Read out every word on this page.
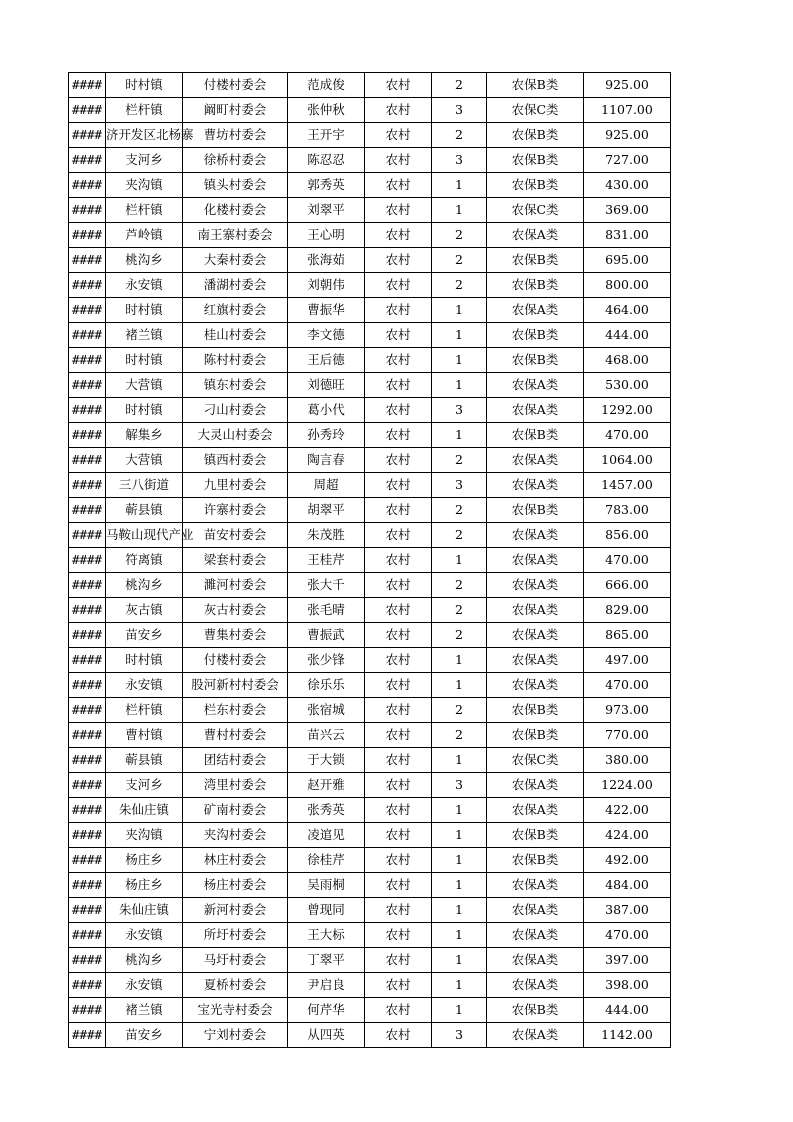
####	时村镇	付楼村委会	范成俊	农村	2	农保B类	925.00
####	栏杆镇	阚町村委会	张仲秋	农村	3	农保C类	1107.00
####	济开发区北杨寨	曹坊村委会	王开宇	农村	2	农保B类	925.00
####	支河乡	徐桥村委会	陈忍忍	农村	3	农保B类	727.00
####	夹沟镇	镇头村委会	郭秀英	农村	1	农保B类	430.00
####	栏杆镇	化楼村委会	刘翠平	农村	1	农保C类	369.00
####	芦岭镇	南王寨村委会	王心明	农村	2	农保A类	831.00
####	桃沟乡	大秦村委会	张海茹	农村	2	农保B类	695.00
####	永安镇	潘湖村委会	刘朝伟	农村	2	农保B类	800.00
####	时村镇	红旗村委会	曹振华	农村	1	农保A类	464.00
####	褚兰镇	桂山村委会	李文德	农村	1	农保B类	444.00
####	时村镇	陈村村委会	王后德	农村	1	农保B类	468.00
####	大营镇	镇东村委会	刘德旺	农村	1	农保A类	530.00
####	时村镇	刁山村委会	葛小代	农村	3	农保A类	1292.00
####	解集乡	大灵山村委会	孙秀玲	农村	1	农保B类	470.00
####	大营镇	镇西村委会	陶言春	农村	2	农保A类	1064.00
####	三八街道	九里村委会	周超	农村	3	农保A类	1457.00
####	蕲县镇	许寨村委会	胡翠平	农村	2	农保B类	783.00
####	马鞍山现代产业	苗安村委会	朱茂胜	农村	2	农保A类	856.00
####	符离镇	梁套村委会	王桂芹	农村	1	农保A类	470.00
####	桃沟乡	濉河村委会	张大千	农村	2	农保A类	666.00
####	灰古镇	灰古村委会	张毛晴	农村	2	农保A类	829.00
####	苗安乡	曹集村委会	曹振武	农村	2	农保A类	865.00
####	时村镇	付楼村委会	张少锋	农村	1	农保A类	497.00
####	永安镇	股河新村村委会	徐乐乐	农村	1	农保A类	470.00
####	栏杆镇	栏东村委会	张宿城	农村	2	农保B类	973.00
####	曹村镇	曹村村委会	苗兴云	农村	2	农保B类	770.00
####	蕲县镇	团结村委会	于大锁	农村	1	农保C类	380.00
####	支河乡	湾里村委会	赵开雅	农村	3	农保A类	1224.00
####	朱仙庄镇	矿南村委会	张秀英	农村	1	农保A类	422.00
####	夹沟镇	夹沟村委会	凌逭见	农村	1	农保B类	424.00
####	杨庄乡	林庄村委会	徐桂芹	农村	1	农保B类	492.00
####	杨庄乡	杨庄村委会	吴雨桐	农村	1	农保A类	484.00
####	朱仙庄镇	新河村委会	曾现同	农村	1	农保A类	387.00
####	永安镇	所圩村委会	王大标	农村	1	农保A类	470.00
####	桃沟乡	马圩村委会	丁翠平	农村	1	农保A类	397.00
####	永安镇	夏桥村委会	尹启良	农村	1	农保A类	398.00
####	褚兰镇	宝光寺村委会	何芹华	农村	1	农保B类	444.00
####	苗安乡	宁刘村委会	从四英	农村	3	农保A类	1142.00
